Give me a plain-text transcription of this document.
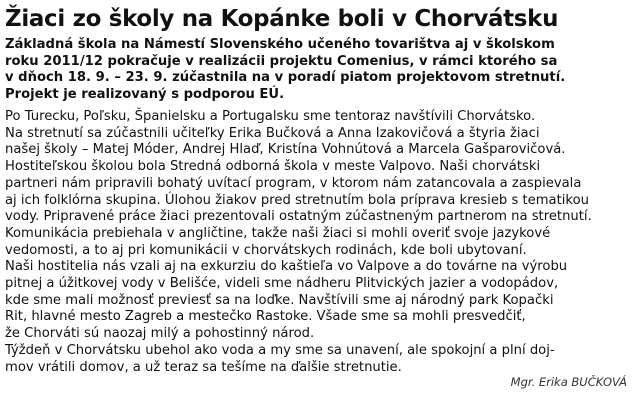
Žiaci zo školy na Kopánke boli v Chorvátsku
Základná škola na Námestí Slovenského učeného tovarištva aj v školskom
roku 2011/12 pokračuje v realizácii projektu Comenius, v rámci ktorého sa
v dňoch 18. 9. – 23. 9. zúčastnila na v poradí piatom projektovom stretnutí.
Projekt je realizovaný s podporou EÚ.
Po Turecku, Poľsku, Španielsku a Portugalsku sme tentoraz navštívili Chorvátsko.
Na stretnutí sa zúčastnili učiteľky Erika Bučková a Anna Izakovičová a štyria žiaci
našej školy – Matej Móder, Andrej Hlaď, Kristína Vohnútová a Marcela Gašparovičová.
Hostiteľskou školou bola Stredná odborná škola v meste Valpovo. Naši chorvátski
partneri nám pripravili bohatý uvítací program, v ktorom nám zatancovala a zaspievala
aj ich folklórna skupina. Úlohou žiakov pred stretnutím bola príprava kresieb s tematikou
vody. Pripravené práce žiaci prezentovali ostatným zúčastneným partnerom na stretnutí.
Komunikácia prebiehala v angličtine, takže naši žiaci si mohli overiť svoje jazykové
vedomosti, a to aj pri komunikácii v chorvátskych rodinách, kde boli ubytovaní.
Naši hostitelia nás vzali aj na exkurziu do kaštieľa vo Valpove a do továrne na výrobu
pitnej a úžitkovej vody v Belišće, videli sme nádheru Plitvických jazier a vodopádov,
kde sme mali možnosť previesť sa na loďke. Navštívili sme aj národný park Kopački
Rit, hlavné mesto Zagreb a mestečko Rastoke. Všade sme sa mohli presvedčiť,
že Chorváti sú naozaj milý a pohostinný národ.
Týždeň v Chorvátsku ubehol ako voda a my sme sa unavení, ale spokojní a plní doj-
mov vrátili domov, a už teraz sa tešíme na ďalšie stretnutie.
Mgr. Erika BUČKOVÁ
